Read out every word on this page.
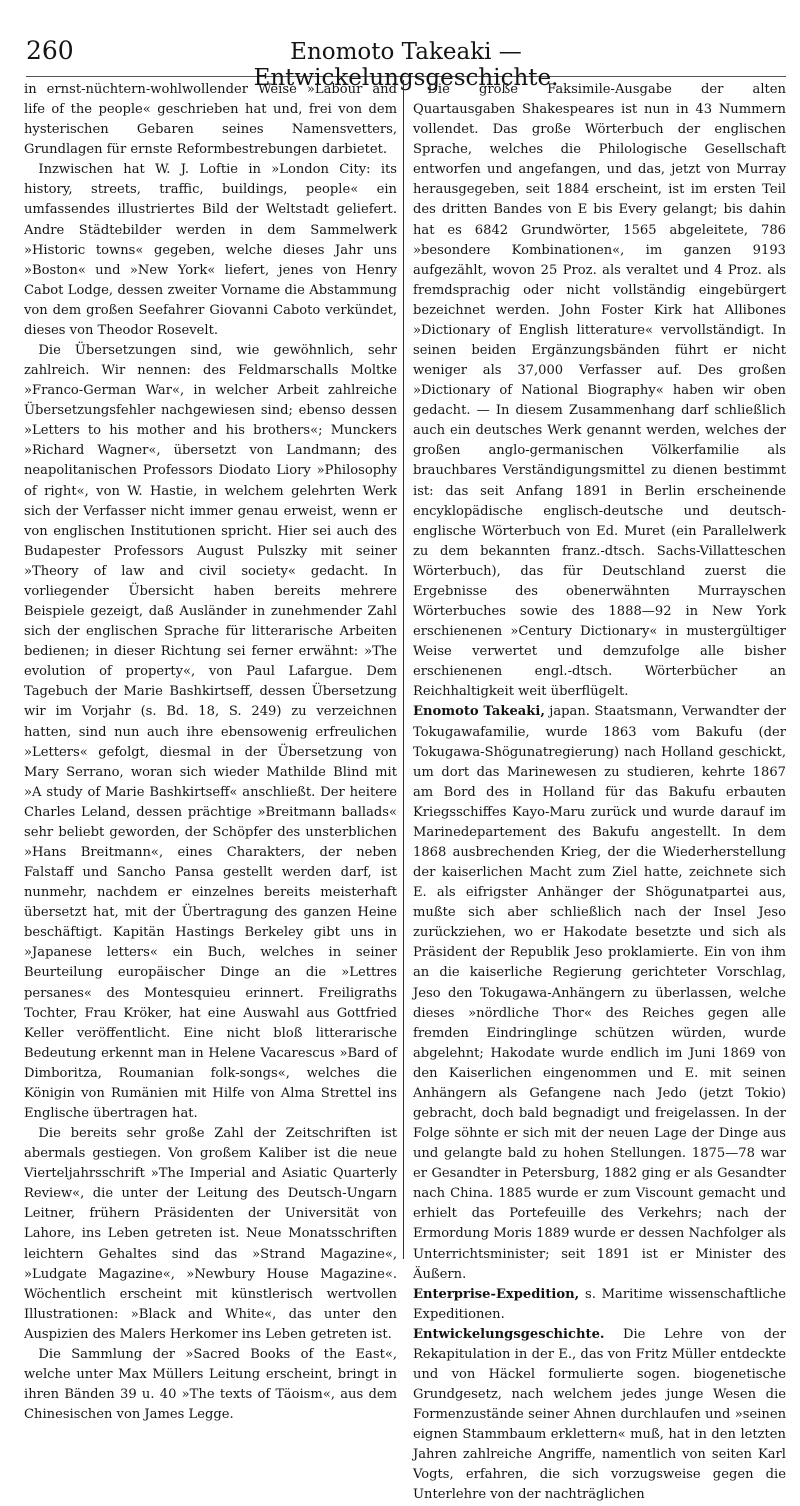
260	Enomoto Takeaki — Entwickelungsgeschichte.

in ernst-nüchtern-wohlwollender Weise »Labour and life of the people« geschrieben hat und, frei von dem hysterischen Gebaren seines Namensvetters, Grundlagen für ernste Reformbestrebungen darbietet.

Inzwischen hat W. J. Loftie in »London City: its history, streets, traffic, buildings, people« ein umfassendes illustriertes Bild der Weltstadt geliefert. Andre Städtebilder werden in dem Sammelwerk »Historic towns« gegeben, welche dieses Jahr uns »Boston« und »New York« liefert, jenes von Henry Cabot Lodge, dessen zweiter Vorname die Abstammung von dem großen Seefahrer Giovanni Caboto verkündet, dieses von Theodor Rosevelt.

Die Übersetzungen sind, wie gewöhnlich, sehr zahlreich. Wir nennen: des Feldmarschalls Moltke »Franco-German War«, in welcher Arbeit zahlreiche Übersetzungsfehler nachgewiesen sind; ebenso dessen »Letters to his mother and his brothers«; Munckers »Richard Wagner«, übersetzt von Landmann; des neapolitanischen Professors Diodato Liory »Philosophy of right«, von W. Hastie, in welchem gelehrten Werk sich der Verfasser nicht immer genau erweist, wenn er von englischen Institutionen spricht. Hier sei auch des Budapester Professors August Pulszky mit seiner »Theory of law and civil society« gedacht. In vorliegender Übersicht haben bereits mehrere Beispiele gezeigt, daß Ausländer in zunehmender Zahl sich der englischen Sprache für litterarische Arbeiten bedienen; in dieser Richtung sei ferner erwähnt: »The evolution of property«, von Paul Lafargue. Dem Tagebuch der Marie Bashkirtseff, dessen Übersetzung wir im Vorjahr (s. Bd. 18, S. 249) zu verzeichnen hatten, sind nun auch ihre ebensowenig erfreulichen »Letters« gefolgt, diesmal in der Übersetzung von Mary Serrano, woran sich wieder Mathilde Blind mit »A study of Marie Bashkirtseff« anschließt. Der heitere Charles Leland, dessen prächtige »Breitmann ballads« sehr beliebt geworden, der Schöpfer des unsterblichen »Hans Breitmann«, eines Charakters, der neben Falstaff und Sancho Pansa gestellt werden darf, ist nunmehr, nachdem er einzelnes bereits meisterhaft übersetzt hat, mit der Übertragung des ganzen Heine beschäftigt. Kapitän Hastings Berkeley gibt uns in »Japanese letters« ein Buch, welches in seiner Beurteilung europäischer Dinge an die »Lettres persanes« des Montesquieu erinnert. Freiligraths Tochter, Frau Kröker, hat eine Auswahl aus Gottfried Keller veröffentlicht. Eine nicht bloß litterarische Bedeutung erkennt man in Helene Vacarescus »Bard of Dimboritza, Roumanian folk-songs«, welches die Königin von Rumänien mit Hilfe von Alma Strettel ins Englische übertragen hat.

Die bereits sehr große Zahl der Zeitschriften ist abermals gestiegen. Von großem Kaliber ist die neue Vierteljahrsschrift »The Imperial and Asiatic Quarterly Review«, die unter der Leitung des Deutsch-Ungarn Leitner, frühern Präsidenten der Universität von Lahore, ins Leben getreten ist. Neue Monatsschriften leichtern Gehaltes sind das »Strand Magazine«, »Ludgate Magazine«, »Newbury House Magazine«. Wöchentlich erscheint mit künstlerisch wertvollen Illustrationen: »Black and White«, das unter den Auspizien des Malers Herkomer ins Leben getreten ist.

Die Sammlung der »Sacred Books of the East«, welche unter Max Müllers Leitung erscheint, bringt in ihren Bänden 39 u. 40 »The texts of Täoism«, aus dem Chinesischen von James Legge.

Die große Faksimile-Ausgabe der alten Quartausgaben Shakespeares ist nun in 43 Nummern vollendet. Das große Wörterbuch der englischen Sprache, welches die Philologische Gesellschaft entworfen und angefangen, und das, jetzt von Murray herausgegeben, seit 1884 erscheint, ist im ersten Teil des dritten Bandes von E bis Every gelangt; bis dahin hat es 6842 Grundwörter, 1565 abgeleitete, 786 »besondere Kombinationen«, im ganzen 9193 aufgezählt, wovon 25 Proz. als veraltet und 4 Proz. als fremdsprachig oder nicht vollständig eingebürgert bezeichnet werden. John Foster Kirk hat Allibones »Dictionary of English litterature« vervollständigt. In seinen beiden Ergänzungsbänden führt er nicht weniger als 37,000 Verfasser auf. Des großen »Dictionary of National Biography« haben wir oben gedacht. — In diesem Zusammenhang darf schließlich auch ein deutsches Werk genannt werden, welches der großen anglo-germanischen Völkerfamilie als brauchbares Verständigungsmittel zu dienen bestimmt ist: das seit Anfang 1891 in Berlin erscheinende encyklopädische englisch-deutsche und deutsch-englische Wörterbuch von Ed. Muret (ein Parallelwerk zu dem bekannten franz.-dtsch. Sachs-Villatteschen Wörterbuch), das für Deutschland zuerst die Ergebnisse des obenerwähnten Murrayschen Wörterbuches sowie des 1888—92 in New York erschienenen »Century Dictionary« in mustergültiger Weise verwertet und demzufolge alle bisher erschienenen engl.-dtsch. Wörterbücher an Reichhaltigkeit weit überflügelt.

Enomoto Takeaki, japan. Staatsmann, Verwandter der Tokugawafamilie, wurde 1863 vom Bakufu (der Tokugawa-Shögunatregierung) nach Holland geschickt, um dort das Marinewesen zu studieren, kehrte 1867 am Bord des in Holland für das Bakufu erbauten Kriegsschiffes Kayo-Maru zurück und wurde darauf im Marinedepartement des Bakufu angestellt. In dem 1868 ausbrechenden Krieg, der die Wiederherstellung der kaiserlichen Macht zum Ziel hatte, zeichnete sich E. als eifrigster Anhänger der Shögunatpartei aus, mußte sich aber schließlich nach der Insel Jeso zurückziehen, wo er Hakodate besetzte und sich als Präsident der Republik Jeso proklamierte. Ein von ihm an die kaiserliche Regierung gerichteter Vorschlag, Jeso den Tokugawa-Anhängern zu überlassen, welche dieses »nördliche Thor« des Reiches gegen alle fremden Eindringlinge schützen würden, wurde abgelehnt; Hakodate wurde endlich im Juni 1869 von den Kaiserlichen eingenommen und E. mit seinen Anhängern als Gefangene nach Jedo (jetzt Tokio) gebracht, doch bald begnadigt und freigelassen. In der Folge söhnte er sich mit der neuen Lage der Dinge aus und gelangte bald zu hohen Stellungen. 1875—78 war er Gesandter in Petersburg, 1882 ging er als Gesandter nach China. 1885 wurde er zum Viscount gemacht und erhielt das Portefeuille des Verkehrs; nach der Ermordung Moris 1889 wurde er dessen Nachfolger als Unterrichtsminister; seit 1891 ist er Minister des Äußern.

Enterprise-Expedition, s. Maritime wissenschaftliche Expeditionen.

Entwickelungsgeschichte. Die Lehre von der Rekapitulation in der E., das von Fritz Müller entdeckte und von Häckel formulierte sogen. biogenetische Grundgesetz, nach welchem jedes junge Wesen die Formenzustände seiner Ahnen durchlaufen und »seinen eignen Stammbaum erklettern« muß, hat in den letzten Jahren zahlreiche Angriffe, namentlich von seiten Karl Vogts, erfahren, die sich vorzugsweise gegen die Unterlehre von der nachträglichen
